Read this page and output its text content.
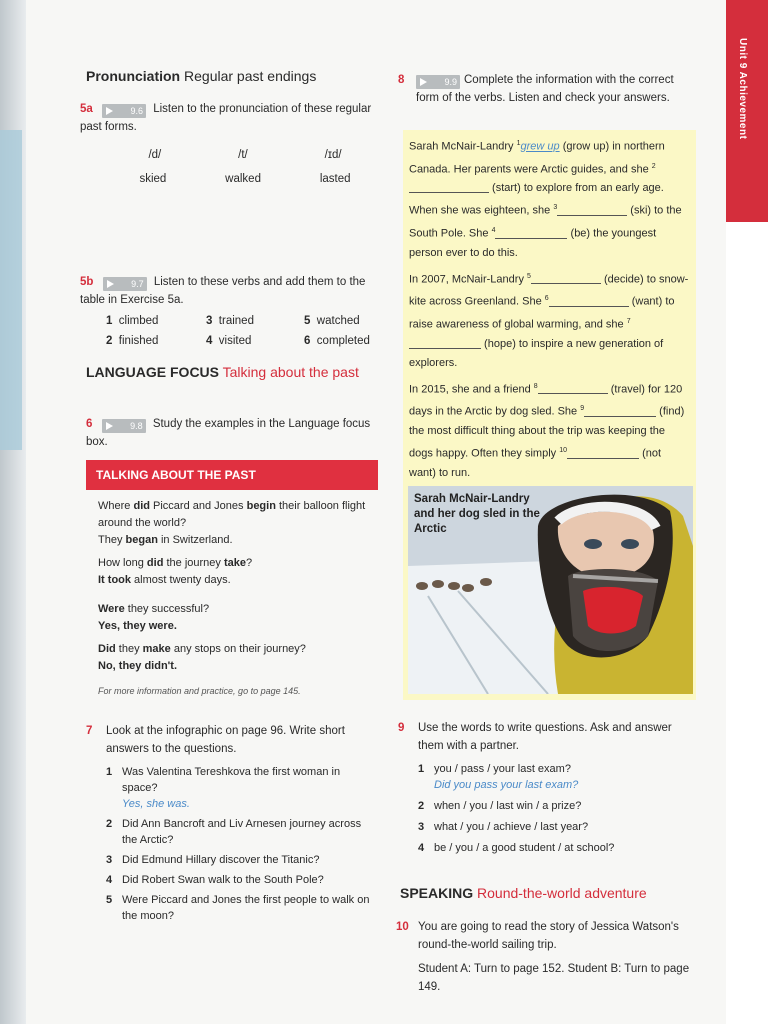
Unit 9 Achievement
Pronunciation Regular past endings
5a	9.6 Listen to the pronunciation of these regular past forms.
/d/	/t/	/ɪd/
skied	walked	lasted
5b	9.7 Listen to these verbs and add them to the table in Exercise 5a.
1 climbed	3 trained	5 watched
2 finished	4 visited	6 completed
LANGUAGE FOCUS Talking about the past
6	9.8 Study the examples in the Language focus box.
TALKING ABOUT THE PAST
Where did Piccard and Jones begin their balloon flight around the world?
They began in Switzerland.
How long did the journey take?
It took almost twenty days.
Were they successful?
Yes, they were.
Did they make any stops on their journey?
No, they didn't.
For more information and practice, go to page 145.
7	Look at the infographic on page 96. Write short answers to the questions.
1 Was Valentina Tereshkova the first woman in space?
Yes, she was.
2 Did Ann Bancroft and Liv Arnesen journey across the Arctic?
3 Did Edmund Hillary discover the Titanic?
4 Did Robert Swan walk to the South Pole?
5 Were Piccard and Jones the first people to walk on the moon?
8	9.9 Complete the information with the correct form of the verbs. Listen and check your answers.
Sarah McNair-Landry $^1$grew up (grow up) in northern Canada. Her parents were Arctic guides, and she $^2$ (start) to explore from an early age. When she was eighteen, she $^3$	(ski) to the South Pole. She $^4$	(be) the youngest person ever to do this.
In 2007, McNair-Landry $^5$	(decide) to snow-kite across Greenland. She $^6$	(want) to raise awareness of global warming, and she $^7$ (hope) to inspire a new generation of explorers.
In 2015, she and a friend $^8$	(travel) for 120 days in the Arctic by dog sled. She $^9$	(find) the most difficult thing about the trip was keeping the dogs happy. Often they simply $^{10}$	(not want) to run.
Sarah McNair-Landry and her dog sled in the Arctic
9	Use the words to write questions. Ask and answer them with a partner.
1 you / pass / your last exam?
Did you pass your last exam?
2 when / you / last win / a prize?
3 what / you / achieve / last year?
4 be / you / a good student / at school?
SPEAKING Round-the-world adventure
10 You are going to read the story of Jessica Watson's round-the-world sailing trip.
Student A: Turn to page 152. Student B: Turn to page 149.
